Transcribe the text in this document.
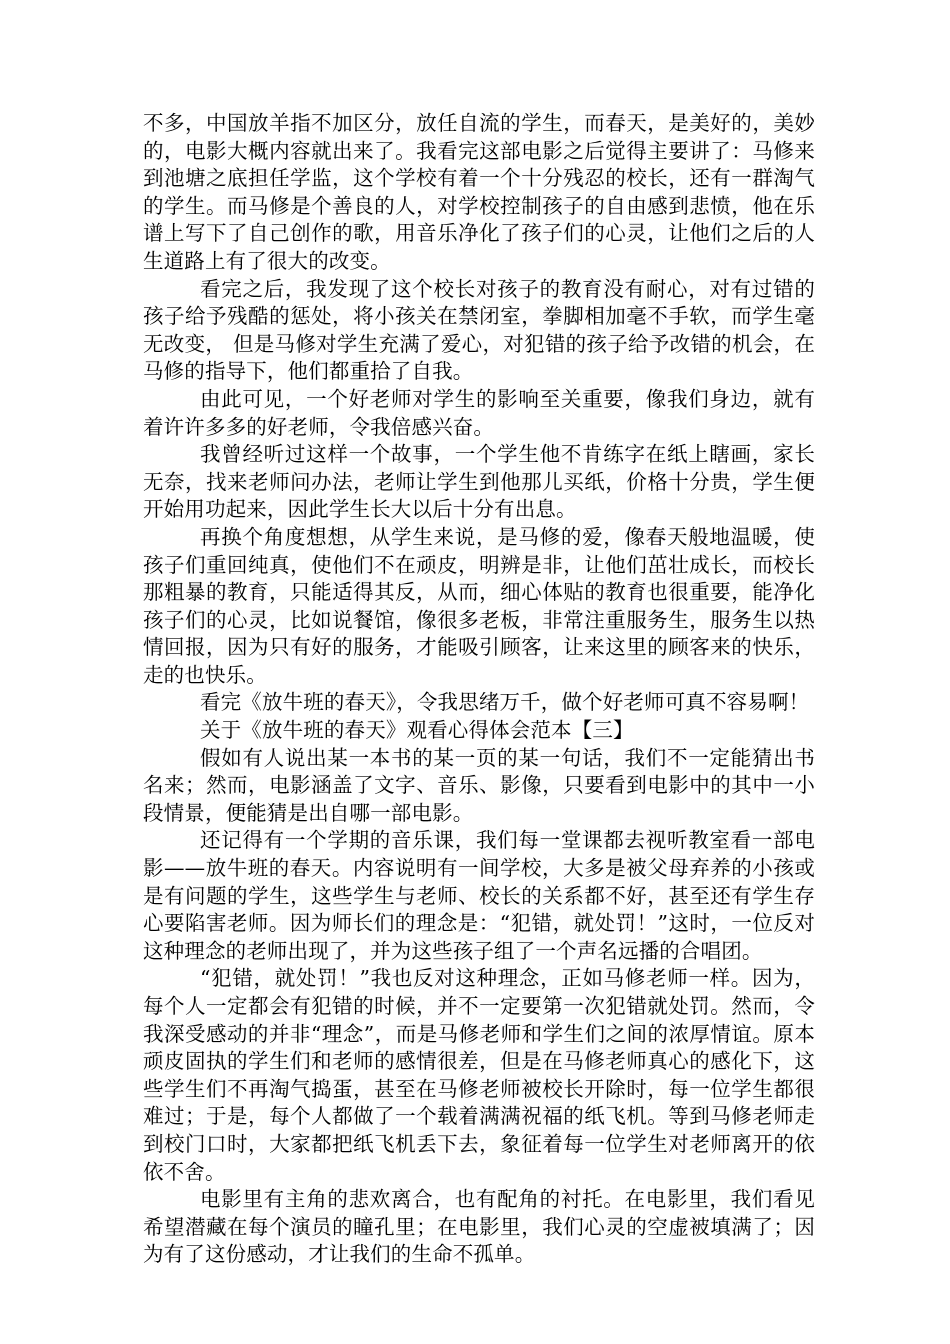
不多，中国放羊指不加区分，放任自流的学生，而春天，是美好的，美妙的，电影大概内容就出来了。我看完这部电影之后觉得主要讲了：马修来到池塘之底担任学监，这个学校有着一个十分残忍的校长，还有一群淘气的学生。而马修是个善良的人，对学校控制孩子的自由感到悲愤，他在乐谱上写下了自己创作的歌，用音乐净化了孩子们的心灵，让他们之后的人生道路上有了很大的改变。

看完之后，我发现了这个校长对孩子的教育没有耐心，对有过错的孩子给予残酷的惩处，将小孩关在禁闭室，拳脚相加毫不手软，而学生毫无改变， 但是马修对学生充满了爱心，对犯错的孩子给予改错的机会，在马修的指导下，他们都重拾了自我。

由此可见，一个好老师对学生的影响至关重要，像我们身边，就有着许许多多的好老师，令我倍感兴奋。

我曾经听过这样一个故事，一个学生他不肯练字在纸上瞎画，家长无奈，找来老师问办法，老师让学生到他那儿买纸，价格十分贵，学生便开始用功起来，因此学生长大以后十分有出息。

再换个角度想想，从学生来说，是马修的爱，像春天般地温暖，使孩子们重回纯真，使他们不在顽皮，明辨是非，让他们茁壮成长，而校长那粗暴的教育，只能适得其反，从而，细心体贴的教育也很重要，能净化孩子们的心灵，比如说餐馆，像很多老板，非常注重服务生，服务生以热情回报，因为只有好的服务，才能吸引顾客，让来这里的顾客来的快乐，走的也快乐。

看完《放牛班的春天》，令我思绪万千，做个好老师可真不容易啊！

关于《放牛班的春天》观看心得体会范本【三】

假如有人说出某一本书的某一页的某一句话，我们不一定能猜出书名来；然而，电影涵盖了文字、音乐、影像，只要看到电影中的其中一小段情景，便能猜是出自哪一部电影。

还记得有一个学期的音乐课，我们每一堂课都去视听教室看一部电影——放牛班的春天。内容说明有一间学校，大多是被父母弃养的小孩或是有问题的学生，这些学生与老师、校长的关系都不好，甚至还有学生存心要陷害老师。因为师长们的理念是：“犯错，就处罚！”这时，一位反对这种理念的老师出现了，并为这些孩子组了一个声名远播的合唱团。

“犯错，就处罚！”我也反对这种理念，正如马修老师一样。因为，每个人一定都会有犯错的时候，并不一定要第一次犯错就处罚。然而，令我深受感动的并非“理念”，而是马修老师和学生们之间的浓厚情谊。原本顽皮固执的学生们和老师的感情很差，但是在马修老师真心的感化下，这些学生们不再淘气捣蛋，甚至在马修老师被校长开除时，每一位学生都很难过；于是，每个人都做了一个载着满满祝福的纸飞机。等到马修老师走到校门口时，大家都把纸飞机丢下去，象征着每一位学生对老师离开的依依不舍。

电影里有主角的悲欢离合，也有配角的衬托。在电影里，我们看见希望潜藏在每个演员的瞳孔里；在电影里，我们心灵的空虚被填满了；因为有了这份感动，才让我们的生命不孤单。
